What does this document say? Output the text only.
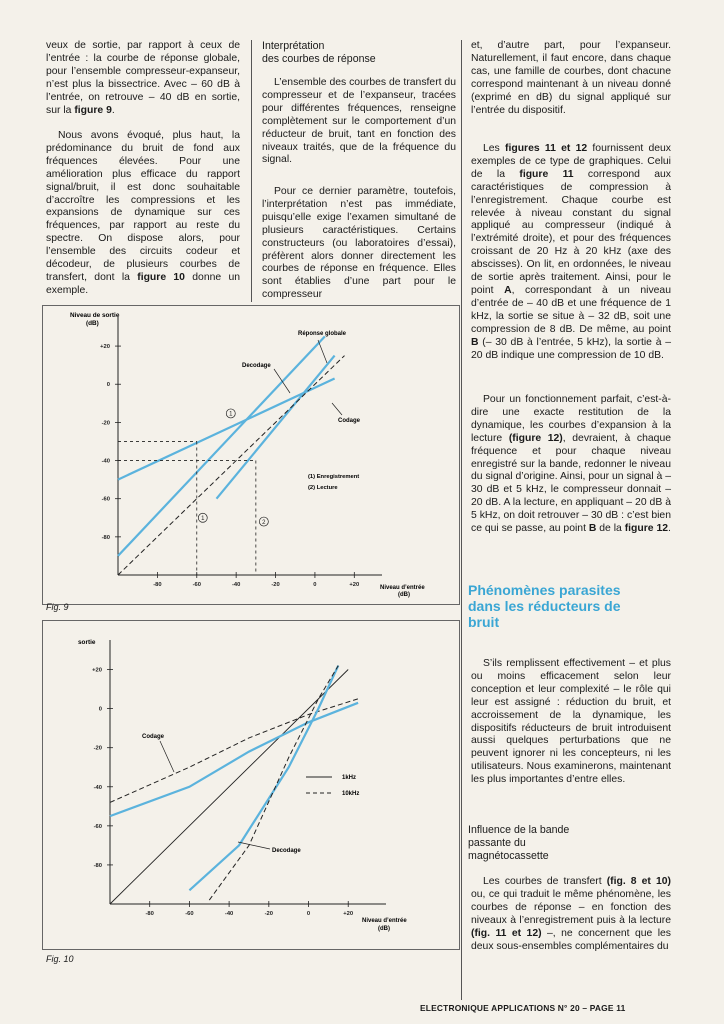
veux de sortie, par rapport à ceux de l’entrée : la courbe de réponse globale, pour l’ensemble compresseur-expanseur, n’est plus la bissectrice. Avec – 60 dB à l’entrée, on retrouve – 40 dB en sortie, sur la figure 9.
Nous avons évoqué, plus haut, la prédominance du bruit de fond aux fréquences élevées. Pour une amélioration plus efficace du rapport signal/bruit, il est donc souhaitable d’accroître les compressions et les expansions de dynamique sur ces fréquences, par rapport au reste du spectre. On dispose alors, pour l’ensemble des circuits codeur et décodeur, de plusieurs courbes de transfert, dont la figure 10 donne un exemple.
Interprétation
des courbes de réponse
L’ensemble des courbes de transfert du compresseur et de l’expanseur, tracées pour différentes fréquences, renseigne complètement sur le comportement d’un réducteur de bruit, tant en fonction des niveaux traités, que de la fréquence du signal.
Pour ce dernier paramètre, toutefois, l’interprétation n’est pas immédiate, puisqu’elle exige l’examen simultané de plusieurs caractéristiques. Certains constructeurs (ou laboratoires d’essai), préfèrent alors donner directement les courbes de réponse en fréquence. Elles sont établies d’une part pour le compresseur
et, d’autre part, pour l’expanseur. Naturellement, il faut encore, dans chaque cas, une famille de courbes, dont chacune correspond maintenant à un niveau donné (exprimé en dB) du signal appliqué sur l’entrée du dispositif.
Les figures 11 et 12 fournissent deux exemples de ce type de graphiques. Celui de la figure 11 correspond aux caractéristiques de compression à l’enregistrement. Chaque courbe est relevée à niveau constant du signal appliqué au compresseur (indiqué à l’extrémité droite), et pour des fréquences croissant de 20 Hz à 20 kHz (axe des abscisses). On lit, en ordonnées, le niveau de sortie après traitement. Ainsi, pour le point A, correspondant à un niveau d’entrée de – 40 dB et une fréquence de 1 kHz, la sortie se situe à – 32 dB, soit une compression de 8 dB. De même, au point B (– 30 dB à l’entrée, 5 kHz), la sortie à – 20 dB indique une compression de 10 dB.
Pour un fonctionnement parfait, c’est-à-dire une exacte restitution de la dynamique, les courbes d’expansion à la lecture (figure 12), devraient, à chaque fréquence et pour chaque niveau enregistré sur la bande, redonner le niveau du signal d’origine. Ainsi, pour un signal à – 30 dB et 5 kHz, le compresseur donnait – 20 dB. A la lecture, en appliquant – 20 dB à 5 kHz, on doit retrouver – 30 dB : c’est bien ce qui se passe, au point B de la figure 12.
Phénomènes parasites dans les réducteurs de bruit
S’ils remplissent effectivement – et plus ou moins efficacement selon leur conception et leur complexité – le rôle qui leur est assigné : réduction du bruit, et accroissement de la dynamique, les dispositifs réducteurs de bruit introduisent aussi quelques perturbations que ne peuvent ignorer ni les concepteurs, ni les utilisateurs. Nous examinerons, maintenant les plus importantes d’entre elles.
Influence de la bande
passante du
magnétocassette
Les courbes de transfert (fig. 8 et 10) ou, ce qui traduit le même phénomène, les courbes de réponse – en fonction des niveaux à l’enregistrement puis à la lecture (fig. 11 et 12) –, ne concernent que les deux sous-ensembles complémentaires du
Niveau de sortie
(dB)
Niveau d’entrée
(dB)
Réponse globale
Decodage
Codage
(1) Enregistrement
(2) Lecture
-80	-60	-40	-20	0	+20
+20
0
-20
-40
-60
-80
1
2
1
Fig. 9
sortie
Niveau d’entrée
(dB)
Codage
Decodage
1kHz
10kHz
-80	-60	-40	-20	0	+20
+20
0
-20
-40
-60
-80
Fig. 10
ELECTRONIQUE APPLICATIONS N° 20 – PAGE 11
